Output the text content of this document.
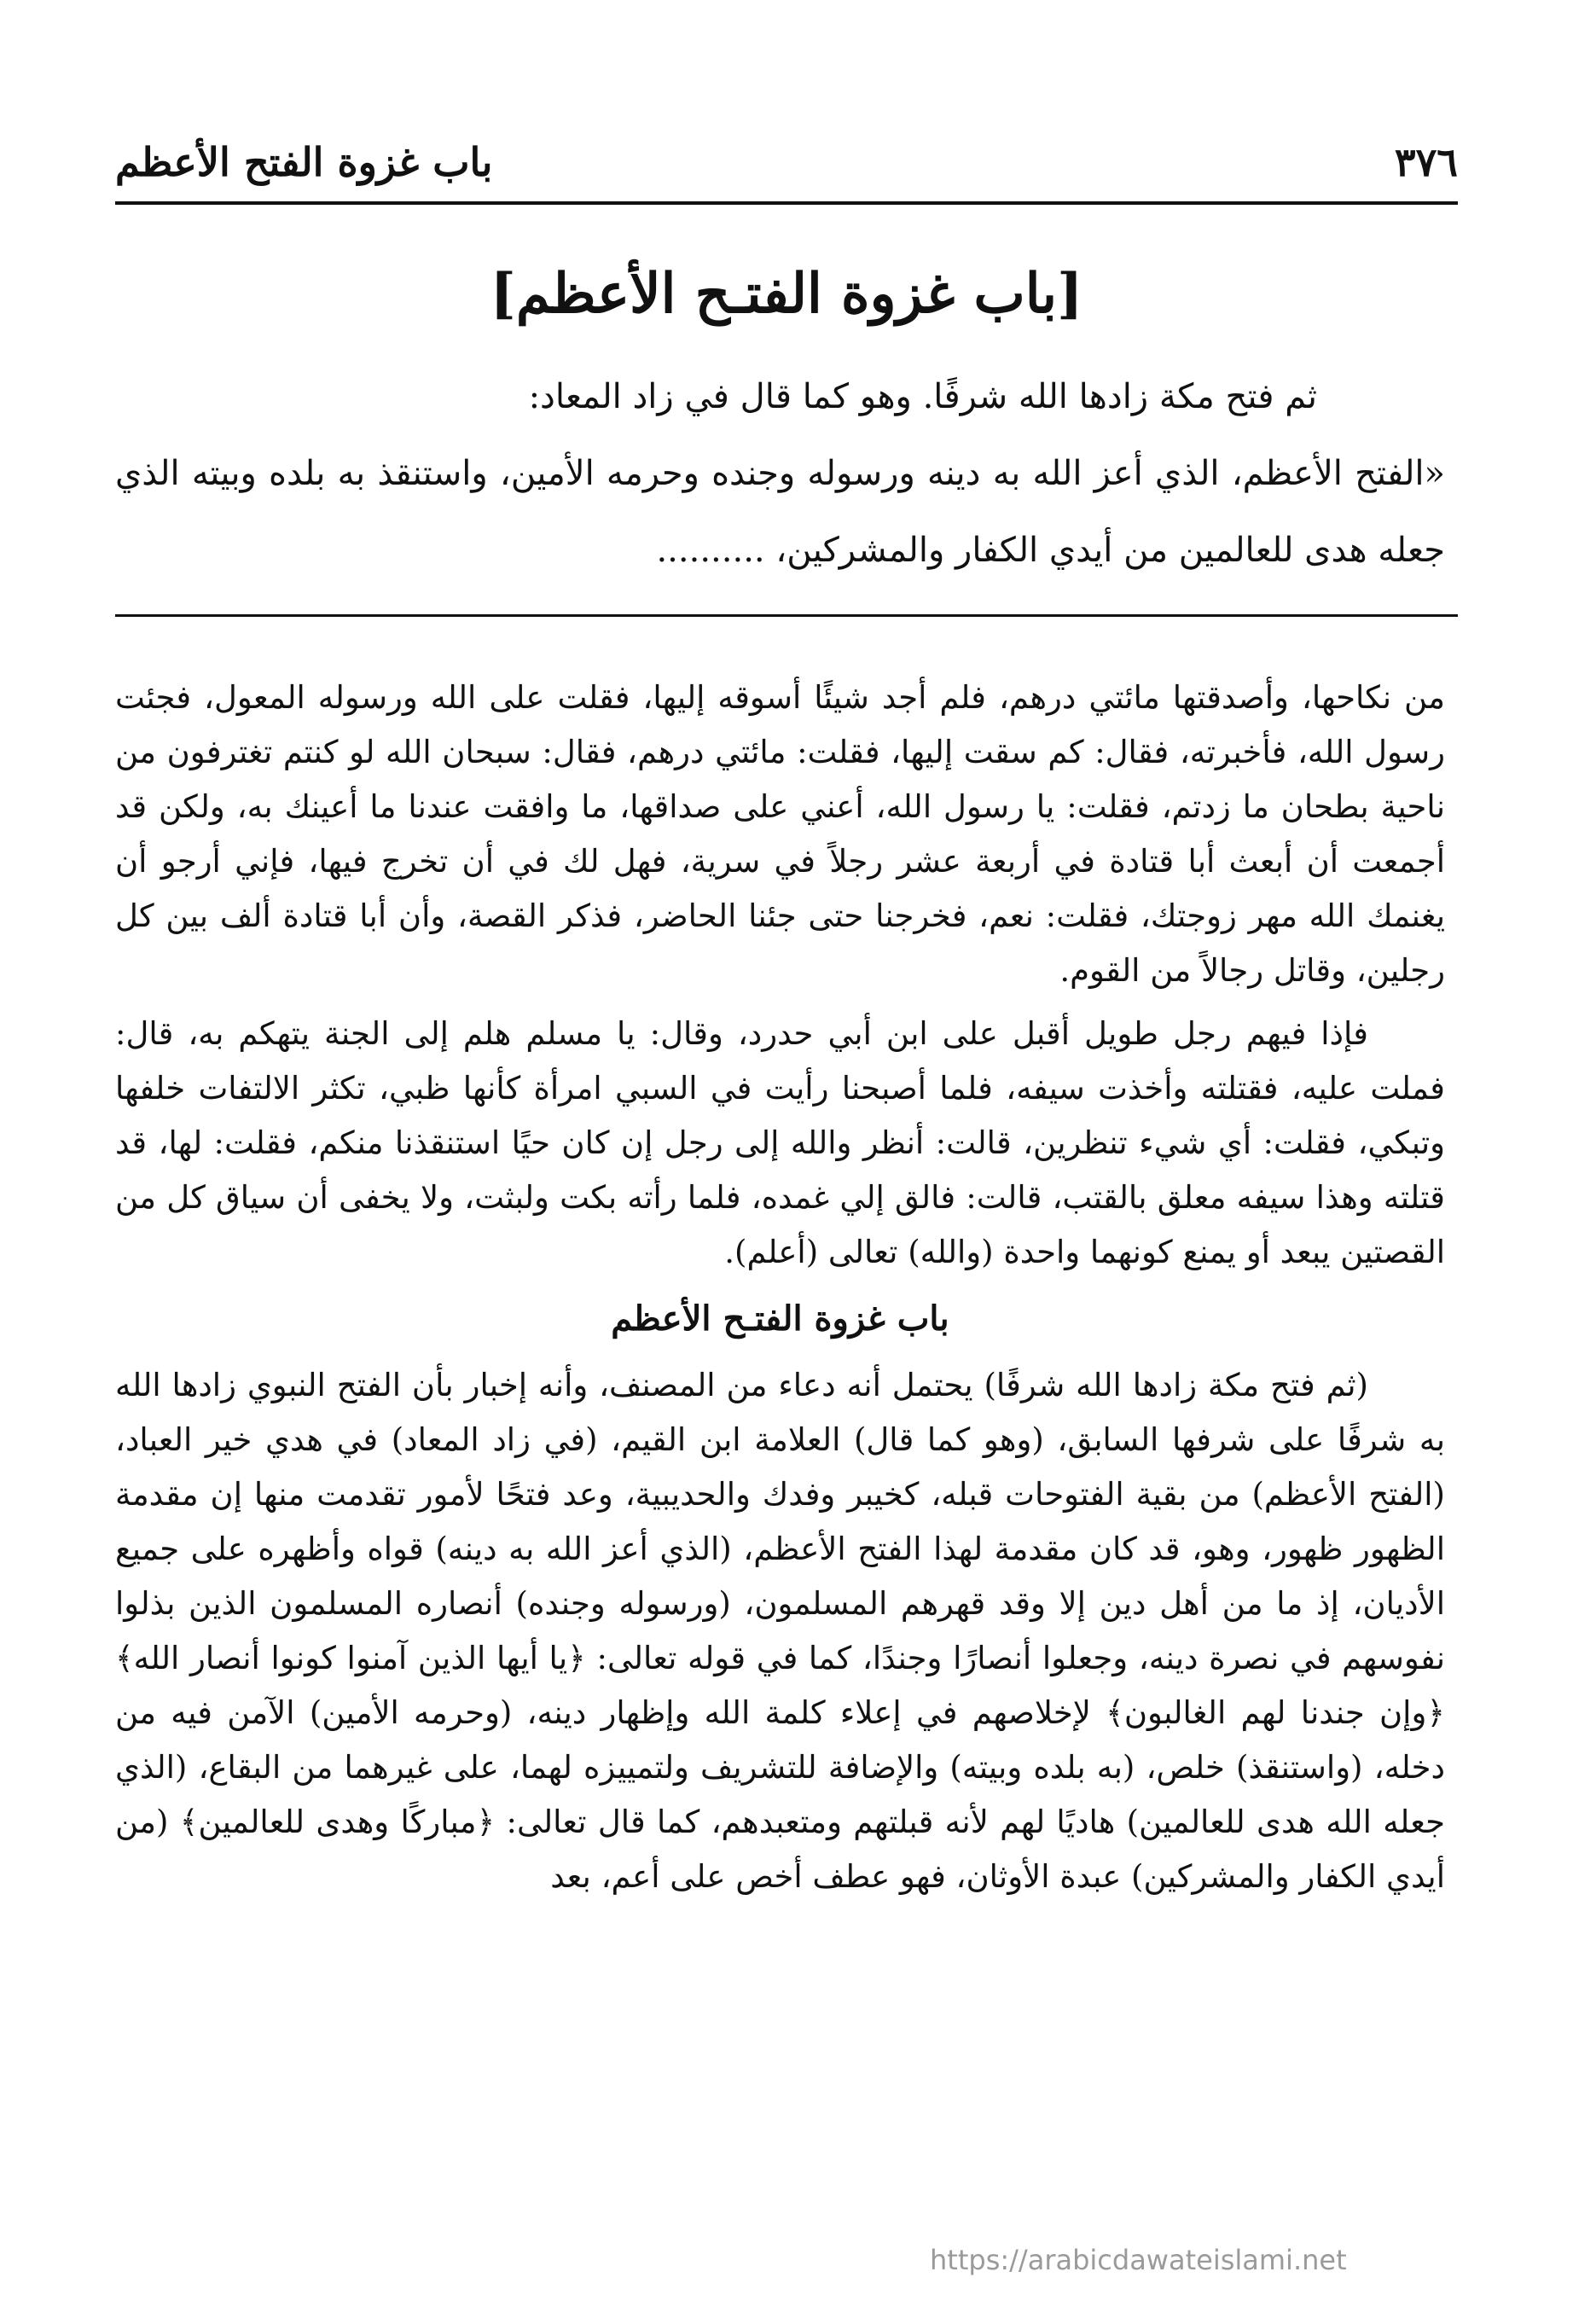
٣٧٦
باب غزوة الفتح الأعظم
[باب غزوة الفتـح الأعظم]

ثم فتح مكة زادها الله شرفًا. وهو كما قال في زاد المعاد:

«الفتح الأعظم، الذي أعز الله به دينه ورسوله وجنده وحرمه الأمين، واستنقذ به بلده وبيته الذي جعله هدى للعالمين من أيدي الكفار والمشركين، ..........

من نكاحها، وأصدقتها مائتي درهم، فلم أجد شيئًا أسوقه إليها، فقلت على الله ورسوله المعول، فجئت رسول الله، فأخبرته، فقال: كم سقت إليها، فقلت: مائتي درهم، فقال: سبحان الله لو كنتم تغترفون من ناحية بطحان ما زدتم، فقلت: يا رسول الله، أعني على صداقها، ما وافقت عندنا ما أعينك به، ولكن قد أجمعت أن أبعث أبا قتادة في أربعة عشر رجلاً في سرية، فهل لك في أن تخرج فيها، فإني أرجو أن يغنمك الله مهر زوجتك، فقلت: نعم، فخرجنا حتى جئنا الحاضر، فذكر القصة، وأن أبا قتادة ألف بين كل رجلين، وقاتل رجالاً من القوم.

فإذا فيهم رجل طويل أقبل على ابن أبي حدرد، وقال: يا مسلم هلم إلى الجنة يتهكم به، قال: فملت عليه، فقتلته وأخذت سيفه، فلما أصبحنا رأيت في السبي امرأة كأنها ظبي، تكثر الالتفات خلفها وتبكي، فقلت: أي شيء تنظرين، قالت: أنظر والله إلى رجل إن كان حيًا استنقذنا منكم، فقلت: لها، قد قتلته وهذا سيفه معلق بالقتب، قالت: فالق إلي غمده، فلما رأته بكت ولبثت، ولا يخفى أن سياق كل من القصتين يبعد أو يمنع كونهما واحدة (والله) تعالى (أعلم).

باب غزوة الفتـح الأعظم

(ثم فتح مكة زادها الله شرفًا) يحتمل أنه دعاء من المصنف، وأنه إخبار بأن الفتح النبوي زادها الله به شرفًا على شرفها السابق، (وهو كما قال) العلامة ابن القيم، (في زاد المعاد) في هدي خير العباد، (الفتح الأعظم) من بقية الفتوحات قبله، كخيبر وفدك والحديبية، وعد فتحًا لأمور تقدمت منها إن مقدمة الظهور ظهور، وهو، قد كان مقدمة لهذا الفتح الأعظم، (الذي أعز الله به دينه) قواه وأظهره على جميع الأديان، إذ ما من أهل دين إلا وقد قهرهم المسلمون، (ورسوله وجنده) أنصاره المسلمون الذين بذلوا نفوسهم في نصرة دينه، وجعلوا أنصارًا وجندًا، كما في قوله تعالى: ﴿يا أيها الذين آمنوا كونوا أنصار الله﴾ ﴿وإن جندنا لهم الغالبون﴾ لإخلاصهم في إعلاء كلمة الله وإظهار دينه، (وحرمه الأمين) الآمن فيه من دخله، (واستنقذ) خلص، (به بلده وبيته) والإضافة للتشريف ولتمييزه لهما، على غيرهما من البقاع، (الذي جعله الله هدى للعالمين) هاديًا لهم لأنه قبلتهم ومتعبدهم، كما قال تعالى: ﴿مباركًا وهدى للعالمين﴾ (من أيدي الكفار والمشركين) عبدة الأوثان، فهو عطف أخص على أعم، بعد

https://arabicdawateislami.net
